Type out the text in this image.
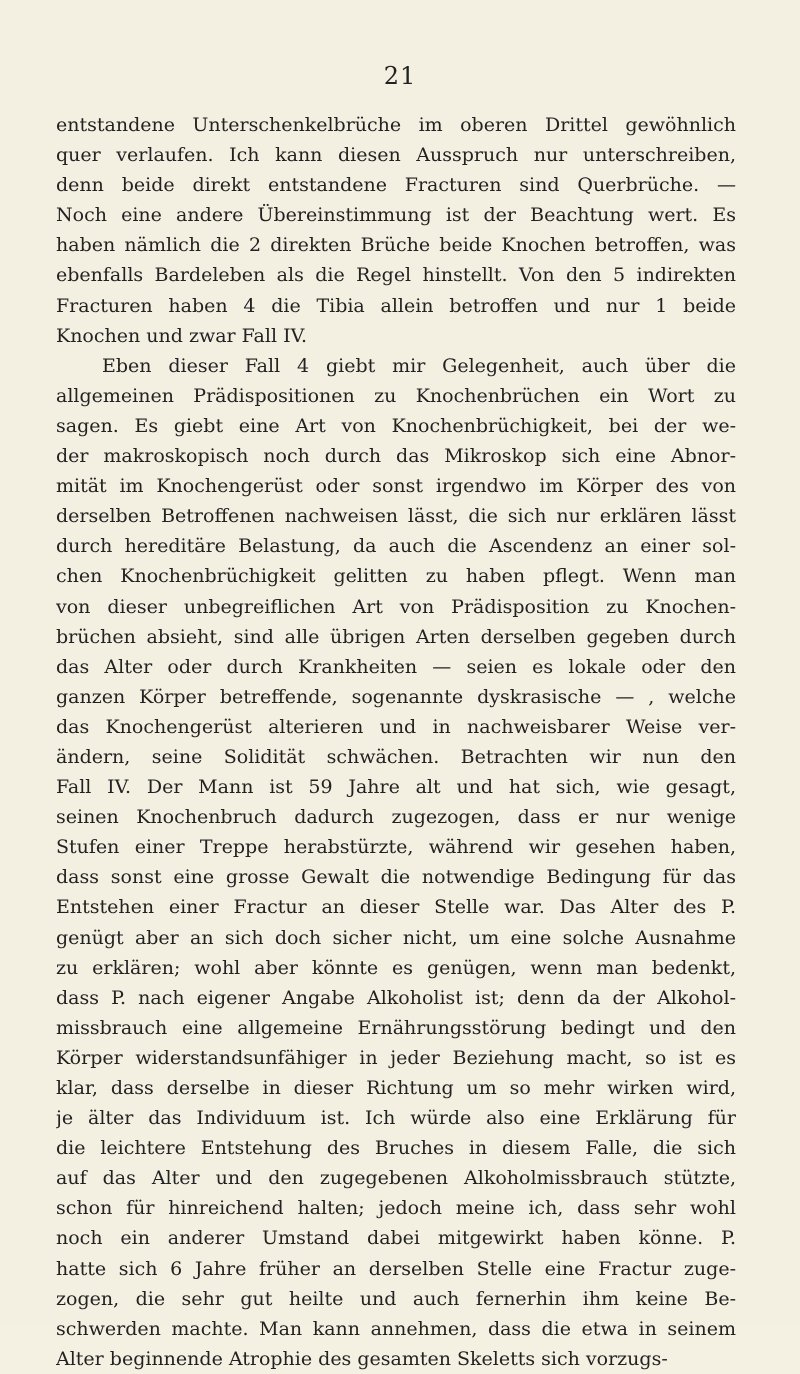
21
entstandene Unterschenkelbrüche im oberen Drittel gewöhnlich
quer verlaufen. Ich kann diesen Ausspruch nur unterschreiben,
denn beide direkt entstandene Fracturen sind Querbrüche. —
Noch eine andere Übereinstimmung ist der Beachtung wert. Es
haben nämlich die 2 direkten Brüche beide Knochen betroffen, was
ebenfalls Bardeleben als die Regel hinstellt. Von den 5 indirekten
Fracturen haben 4 die Tibia allein betroffen und nur 1 beide
Knochen und zwar Fall IV.
Eben dieser Fall 4 giebt mir Gelegenheit, auch über die
allgemeinen Prädispositionen zu Knochenbrüchen ein Wort zu
sagen. Es giebt eine Art von Knochenbrüchigkeit, bei der we-
der makroskopisch noch durch das Mikroskop sich eine Abnor-
mität im Knochengerüst oder sonst irgendwo im Körper des von
derselben Betroffenen nachweisen lässt, die sich nur erklären lässt
durch hereditäre Belastung, da auch die Ascendenz an einer sol-
chen Knochenbrüchigkeit gelitten zu haben pflegt. Wenn man
von dieser unbegreiflichen Art von Prädisposition zu Knochen-
brüchen absieht, sind alle übrigen Arten derselben gegeben durch
das Alter oder durch Krankheiten — seien es lokale oder den
ganzen Körper betreffende, sogenannte dyskrasische — , welche
das Knochengerüst alterieren und in nachweisbarer Weise ver-
ändern, seine Solidität schwächen. Betrachten wir nun den
Fall IV. Der Mann ist 59 Jahre alt und hat sich, wie gesagt,
seinen Knochenbruch dadurch zugezogen, dass er nur wenige
Stufen einer Treppe herabstürzte, während wir gesehen haben,
dass sonst eine grosse Gewalt die notwendige Bedingung für das
Entstehen einer Fractur an dieser Stelle war. Das Alter des P.
genügt aber an sich doch sicher nicht, um eine solche Ausnahme
zu erklären; wohl aber könnte es genügen, wenn man bedenkt,
dass P. nach eigener Angabe Alkoholist ist; denn da der Alkohol-
missbrauch eine allgemeine Ernährungsstörung bedingt und den
Körper widerstandsunfähiger in jeder Beziehung macht, so ist es
klar, dass derselbe in dieser Richtung um so mehr wirken wird,
je älter das Individuum ist. Ich würde also eine Erklärung für
die leichtere Entstehung des Bruches in diesem Falle, die sich
auf das Alter und den zugegebenen Alkoholmissbrauch stützte,
schon für hinreichend halten; jedoch meine ich, dass sehr wohl
noch ein anderer Umstand dabei mitgewirkt haben könne. P.
hatte sich 6 Jahre früher an derselben Stelle eine Fractur zuge-
zogen, die sehr gut heilte und auch fernerhin ihm keine Be-
schwerden machte. Man kann annehmen, dass die etwa in seinem
Alter beginnende Atrophie des gesamten Skeletts sich vorzugs-
